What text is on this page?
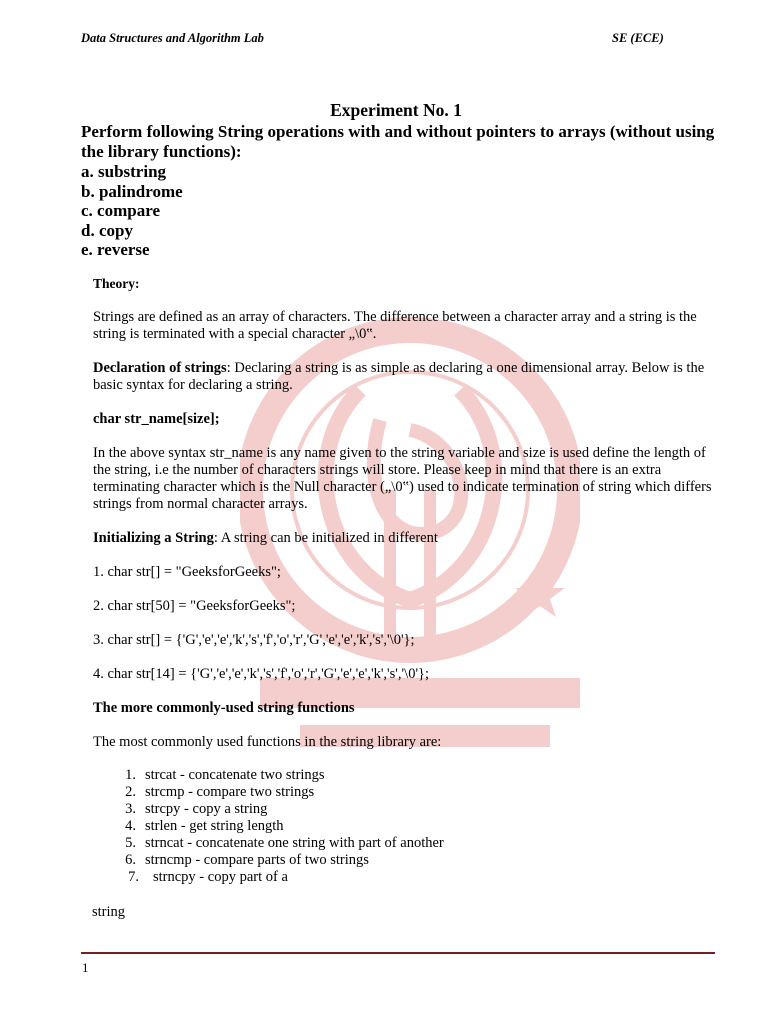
Data Structures and Algorithm Lab	SE (ECE)
Experiment No. 1
Perform following String operations with and without pointers to arrays (without using the library functions):
a. substring
b. palindrome
c. compare
d. copy
e. reverse

Theory:

Strings are defined as an array of characters. The difference between a character array and a string is the string is terminated with a special character „\0‟.

Declaration of strings: Declaring a string is as simple as declaring a one dimensional array. Below is the basic syntax for declaring a string.

char str_name[size];

In the above syntax str_name is any name given to the string variable and size is used define the length of the string, i.e the number of characters strings will store. Please keep in mind that there is an extra terminating character which is the Null character („\0‟) used to indicate termination of string which differs strings from normal character arrays.

Initializing a String: A string can be initialized in different

1. char str[] = "GeeksforGeeks";

2. char str[50] = "GeeksforGeeks";

3. char str[] = {'G','e','e','k','s','f','o','r','G','e','e','k','s','\0'};

4. char str[14] = {'G','e','e','k','s','f','o','r','G','e','e','k','s','\0'};

The more commonly-used string functions

The most commonly used functions in the string library are:

1. strcat - concatenate two strings
2. strcmp - compare two strings
3. strcpy - copy a string
4. strlen - get string length
5. strncat - concatenate one string with part of another
6. strncmp - compare parts of two strings
7. strncpy - copy part of a

string

1
